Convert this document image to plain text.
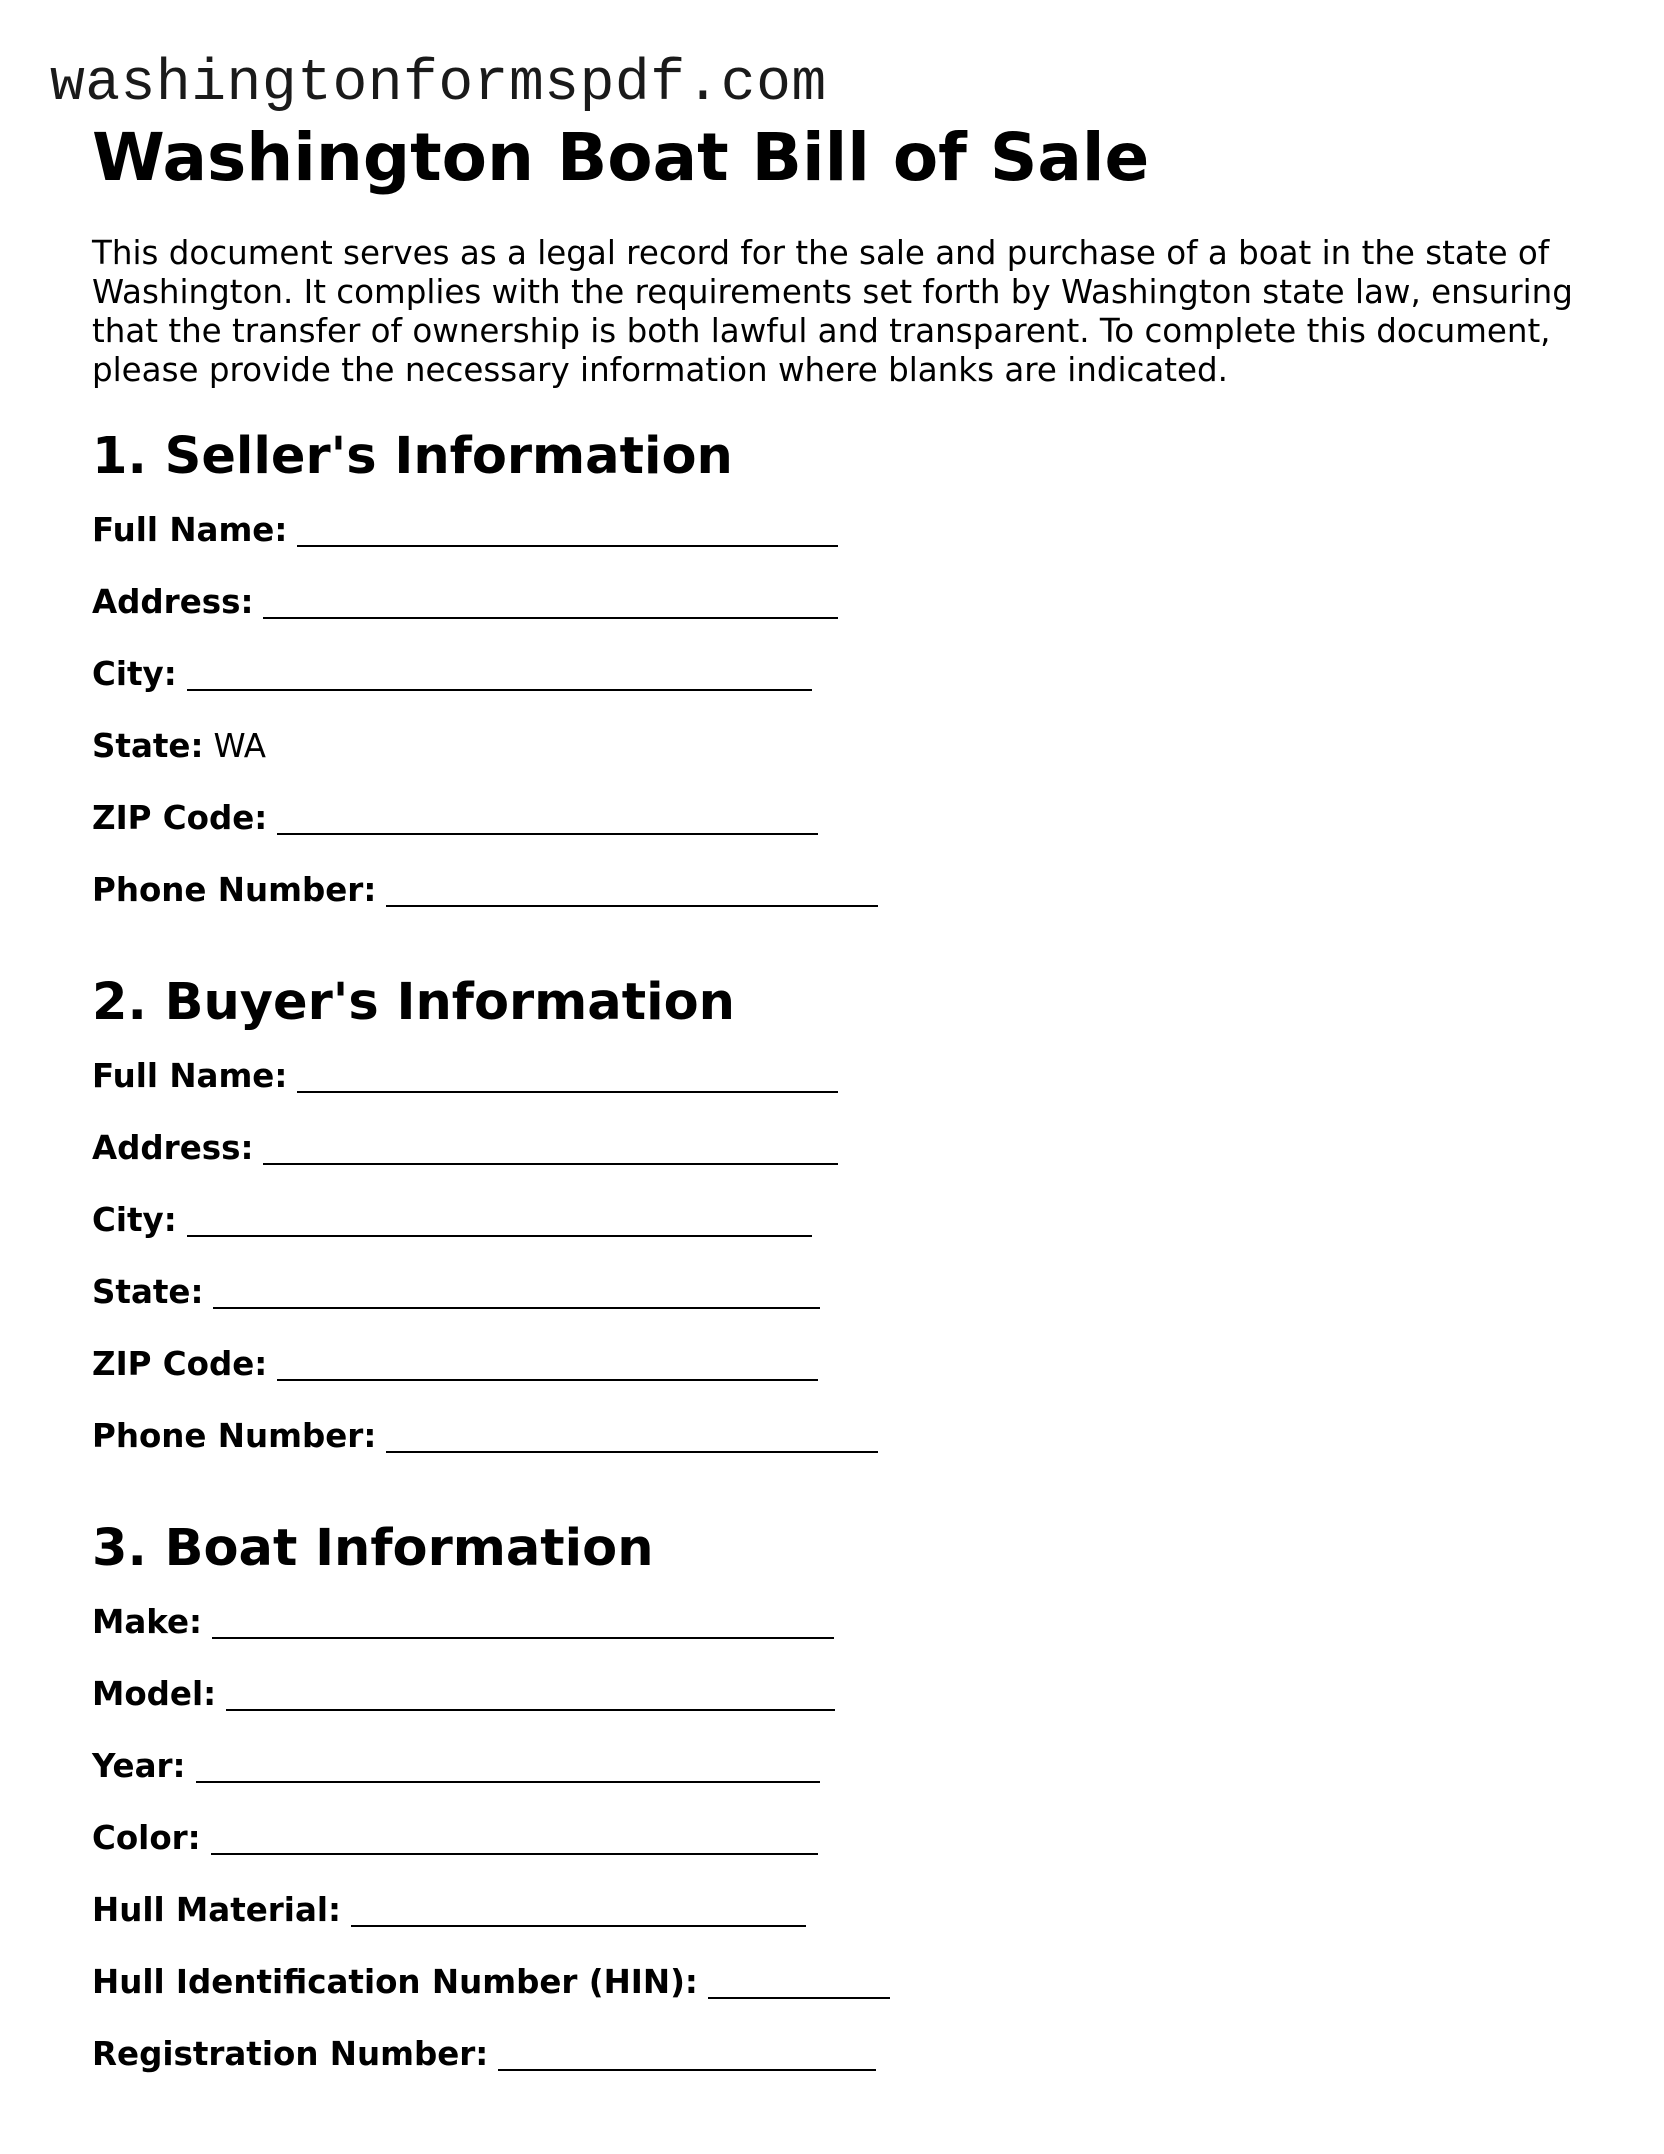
washingtonformspdf.com
Washington Boat Bill of Sale

This document serves as a legal record for the sale and purchase of a boat in the state of Washington. It complies with the requirements set forth by Washington state law, ensuring that the transfer of ownership is both lawful and transparent. To complete this document, please provide the necessary information where blanks are indicated.

1. Seller's Information
Full Name:
Address:
City:
State: WA
ZIP Code:
Phone Number:
2. Buyer's Information
Full Name:
Address:
City:
State:
ZIP Code:
Phone Number:
3. Boat Information
Make:
Model:
Year:
Color:
Hull Material:
Hull Identification Number (HIN):
Registration Number:
